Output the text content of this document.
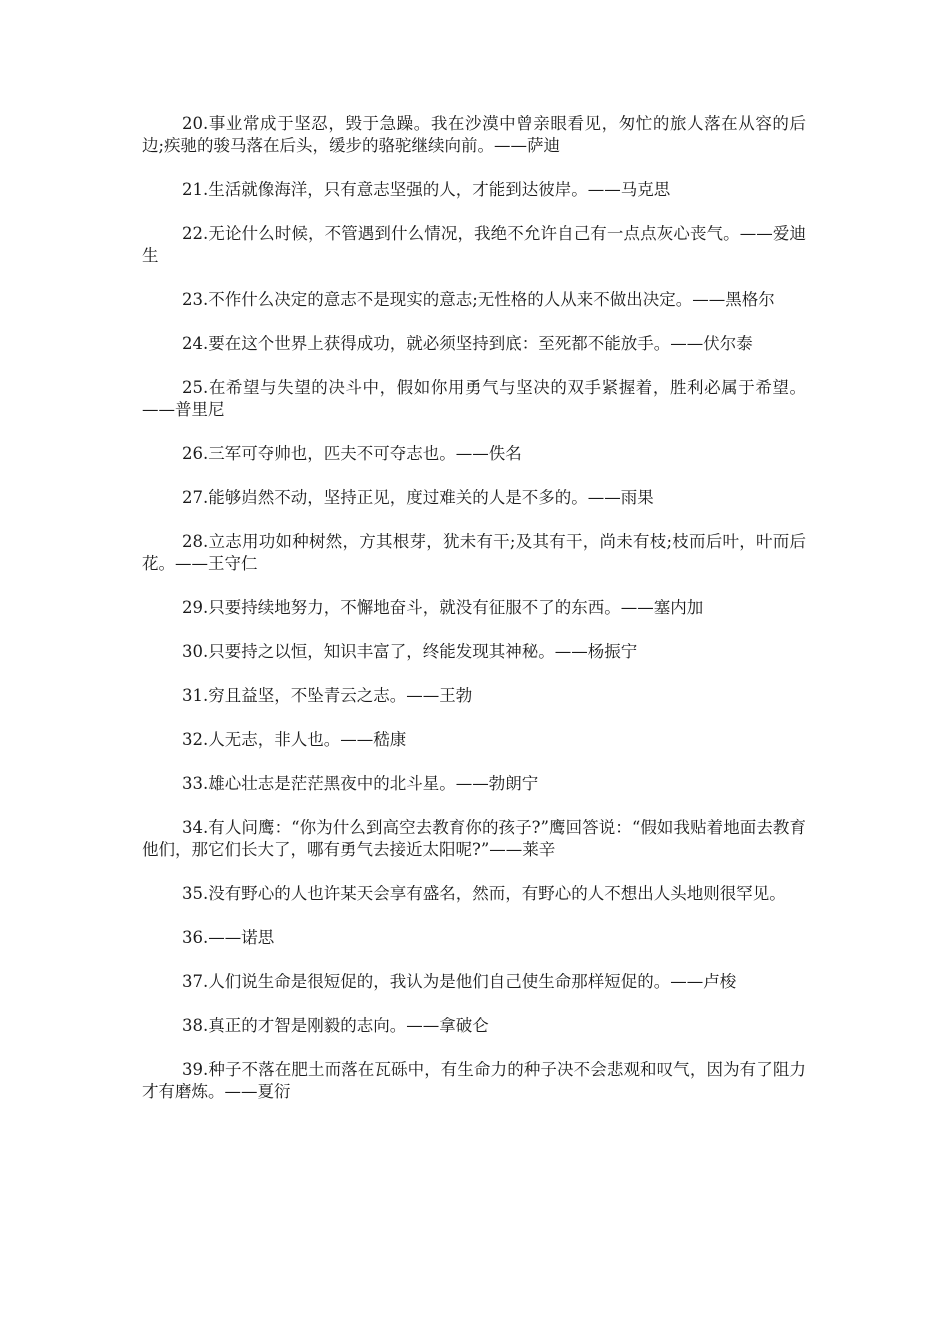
20.事业常成于坚忍，毁于急躁。我在沙漠中曾亲眼看见，匆忙的旅人落在从容的后边;疾驰的骏马落在后头，缓步的骆驼继续向前。——萨迪

21.生活就像海洋，只有意志坚强的人，才能到达彼岸。——马克思

22.无论什么时候，不管遇到什么情况，我绝不允许自己有一点点灰心丧气。——爱迪生

23.不作什么决定的意志不是现实的意志;无性格的人从来不做出决定。——黑格尔

24.要在这个世界上获得成功，就必须坚持到底：至死都不能放手。——伏尔泰

25.在希望与失望的决斗中，假如你用勇气与坚决的双手紧握着，胜利必属于希望。——普里尼

26.三军可夺帅也，匹夫不可夺志也。——佚名

27.能够岿然不动，坚持正见，度过难关的人是不多的。——雨果

28.立志用功如种树然，方其根芽，犹未有干;及其有干，尚未有枝;枝而后叶，叶而后花。——王守仁

29.只要持续地努力，不懈地奋斗，就没有征服不了的东西。——塞内加

30.只要持之以恒，知识丰富了，终能发现其神秘。——杨振宁

31.穷且益坚，不坠青云之志。——王勃

32.人无志，非人也。——嵇康

33.雄心壮志是茫茫黑夜中的北斗星。——勃朗宁

34.有人问鹰：“你为什么到高空去教育你的孩子?”鹰回答说：“假如我贴着地面去教育他们，那它们长大了，哪有勇气去接近太阳呢?”——莱辛

35.没有野心的人也许某天会享有盛名，然而，有野心的人不想出人头地则很罕见。

36.——诺思

37.人们说生命是很短促的，我认为是他们自己使生命那样短促的。——卢梭

38.真正的才智是刚毅的志向。——拿破仑

39.种子不落在肥土而落在瓦砾中，有生命力的种子决不会悲观和叹气，因为有了阻力才有磨炼。——夏衍
